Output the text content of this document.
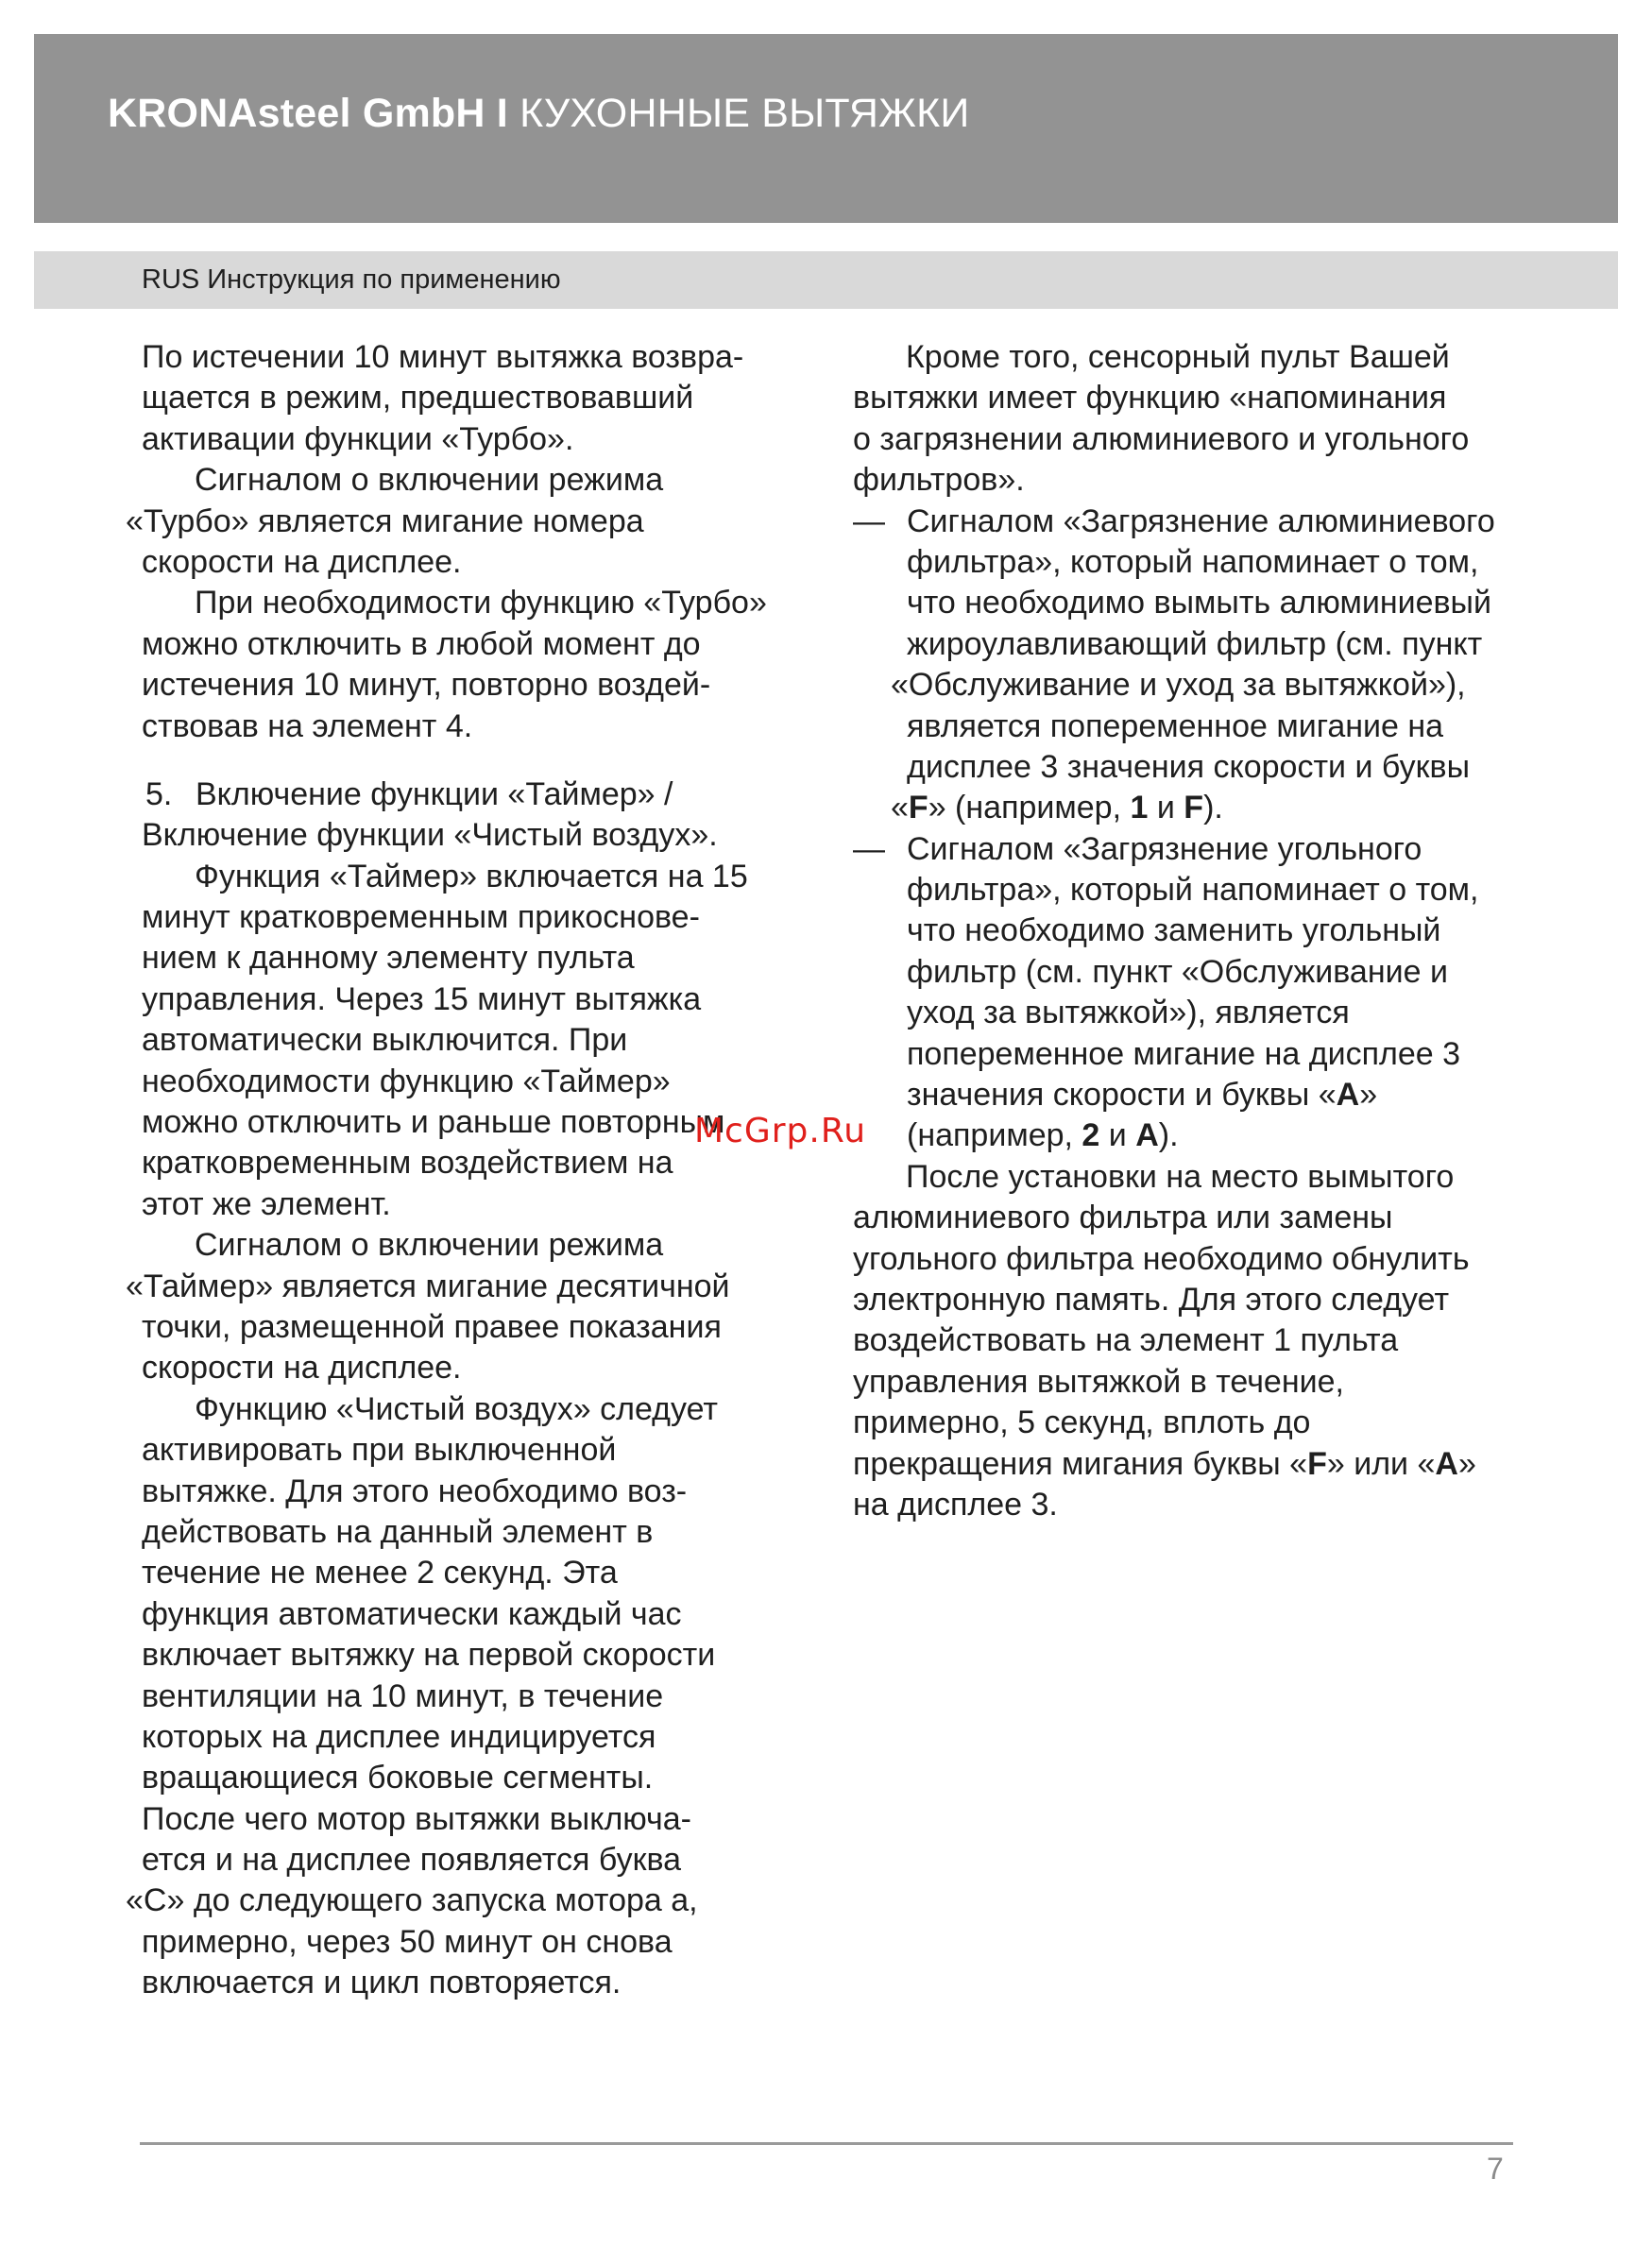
KRONAsteel GmbH I КУХОННЫЕ ВЫТЯЖКИ
RUS Инструкция по применению
По истечении 10 минут вытяжка возвра-
щается в режим, предшествовавший
активации функции «Турбо».
Сигналом о включении режима
«Турбо» является мигание номера
скорости на дисплее.
При необходимости функцию «Турбо»
можно отключить в любой момент до
истечения 10 минут, повторно воздей-
ствовав на элемент 4.
5. Включение функции «Таймер» /
Включение функции «Чистый воздух».
Функция «Таймер» включается на 15
минут кратковременным прикоснове-
нием к данному элементу пульта
управления. Через 15 минут вытяжка
автоматически выключится. При
необходимости функцию «Таймер»
можно отключить и раньше повторным
кратковременным воздействием на
этот же элемент.
Сигналом о включении режима
«Таймер» является мигание десятичной
точки, размещенной правее показания
скорости на дисплее.
Функцию «Чистый воздух» следует
активировать при выключенной
вытяжке. Для этого необходимо воз-
действовать на данный элемент в
течение не менее 2 секунд. Эта
функция автоматически каждый час
включает вытяжку на первой скорости
вентиляции на 10 минут, в течение
которых на дисплее индицируется
вращающиеся боковые сегменты.
После чего мотор вытяжки выключа-
ется и на дисплее появляется буква
«С» до следующего запуска мотора а,
примерно, через 50 минут он снова
включается и цикл повторяется.
Кроме того, сенсорный пульт Вашей
вытяжки имеет функцию «напоминания
о загрязнении алюминиевого и угольного
фильтров».
— Сигналом «Загрязнение алюминиевого
фильтра», который напоминает о том,
что необходимо вымыть алюминиевый
жироулавливающий фильтр (см. пункт
«Обслуживание и уход за вытяжкой»),
является попеременное мигание на
дисплее 3 значения скорости и буквы
«F» (например, 1 и F).
— Сигналом «Загрязнение угольного
фильтра», который напоминает о том,
что необходимо заменить угольный
фильтр (см. пункт «Обслуживание и
уход за вытяжкой»), является
попеременное мигание на дисплее 3
значения скорости и буквы «A»
(например, 2 и A).
После установки на место вымытого
алюминиевого фильтра или замены
угольного фильтра необходимо обнулить
электронную память. Для этого следует
воздействовать на элемент 1 пульта
управления вытяжкой в течение,
примерно, 5 секунд, вплоть до
прекращения мигания буквы «F» или «A»
на дисплее 3.
McGrp.Ru
7
